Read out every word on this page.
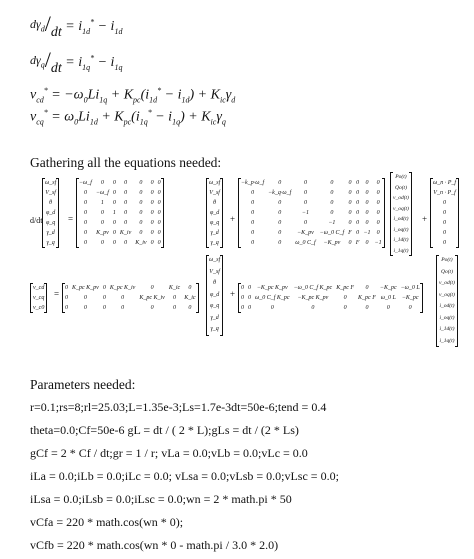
$d\gamma_d/dt = i_{1d}^* - i_{1d}$
$d\gamma_q/dt = i_{1q}^* - i_{1q}$
$v_{cd}^* = -\omega_0Li_{1q} + K_{pc}(i_{1d}^* - i_{1d}) + K_{ic}\gamma_d$
$v_{cq}^* = \omega_0Li_{1d} + K_{pc}(i_{1q}^* - i_{1q}) + K_{ic}\gamma_q$
Gathering all the equations needed:
d/dt
ω_sf
V_sf
θ
φ_d
φ_q
γ_d
γ_q
=
−ω_f	0	0	0	0	0	0
0	−ω_f	0	0	0	0	0
0	1	0	0	0	0	0
0	0	1	0	0	0	0
0	0	0	0	0	0	0
0	K_pv	0	K_iv	0	0	0
0	0	0	0	K_iv	0	0
ω_sf
V_sf
θ
φ_d
φ_q
γ_d
γ_q
+
−k_p·ω_f	0	0	0	0	0	0	0
0	−k_q·ω_f	0	0	0	0	0	0
0	0	0	0	0	0	0	0
0	0	−1	0	0	0	0	0
0	0	0	−1	0	0	0	0
0	0	−K_pv	−ω_0 C_f	F	0	−1	0
0	0	ω_0 C_f	−K_pv	0	F	0	−1
Po(t)
Qo(t)
v_od(t)
v_oq(t)
i_od(t)
i_oq(t)
i_1d(t)
i_1q(t)
+
ω_n · P_f
V_n · P_f
0
0
0
0
0
v_cd
v_cq
v_c0
=
0	K_pc K_pv	0	K_pc K_iv	0	K_ic	0
0	0	0	0	K_pc K_iv	0	K_ic
0	0	0	0	0	0	0
ω_sf
V_sf
θ
φ_d
φ_q
γ_d
γ_q
+
0	0	−K_pc K_pv	−ω_0 C_f K_pc	K_pc F	0	−K_pc	−ω_0 L
0	0	ω_0 C_f K_pc	−K_pc K_pv	0	K_pc F	ω_0 L	−K_pc
0	0	0	0	0	0	0	0
Po(t)
Qo(t)
v_od(t)
v_oq(t)
i_od(t)
i_oq(t)
i_1d(t)
i_1q(t)
Parameters needed:
r=0.1;rs=8;rl=25.03;L=1.35e-3;Ls=1.7e-3dt=50e-6;tend = 0.4
theta=0.0;Cf=50e-6 gL = dt / ( 2 * L);gLs = dt / (2 * Ls)
gCf = 2 * Cf / dt;gr = 1 / r; vLa = 0.0;vLb = 0.0;vLc = 0.0
iLa = 0.0;iLb = 0.0;iLc = 0.0; vLsa = 0.0;vLsb = 0.0;vLsc = 0.0;
iLsa = 0.0;iLsb = 0.0;iLsc = 0.0;wn = 2 * math.pi * 50
vCfa = 220 * math.cos(wn * 0);
vCfb = 220 * math.cos(wn * 0 - math.pi / 3.0 * 2.0)
